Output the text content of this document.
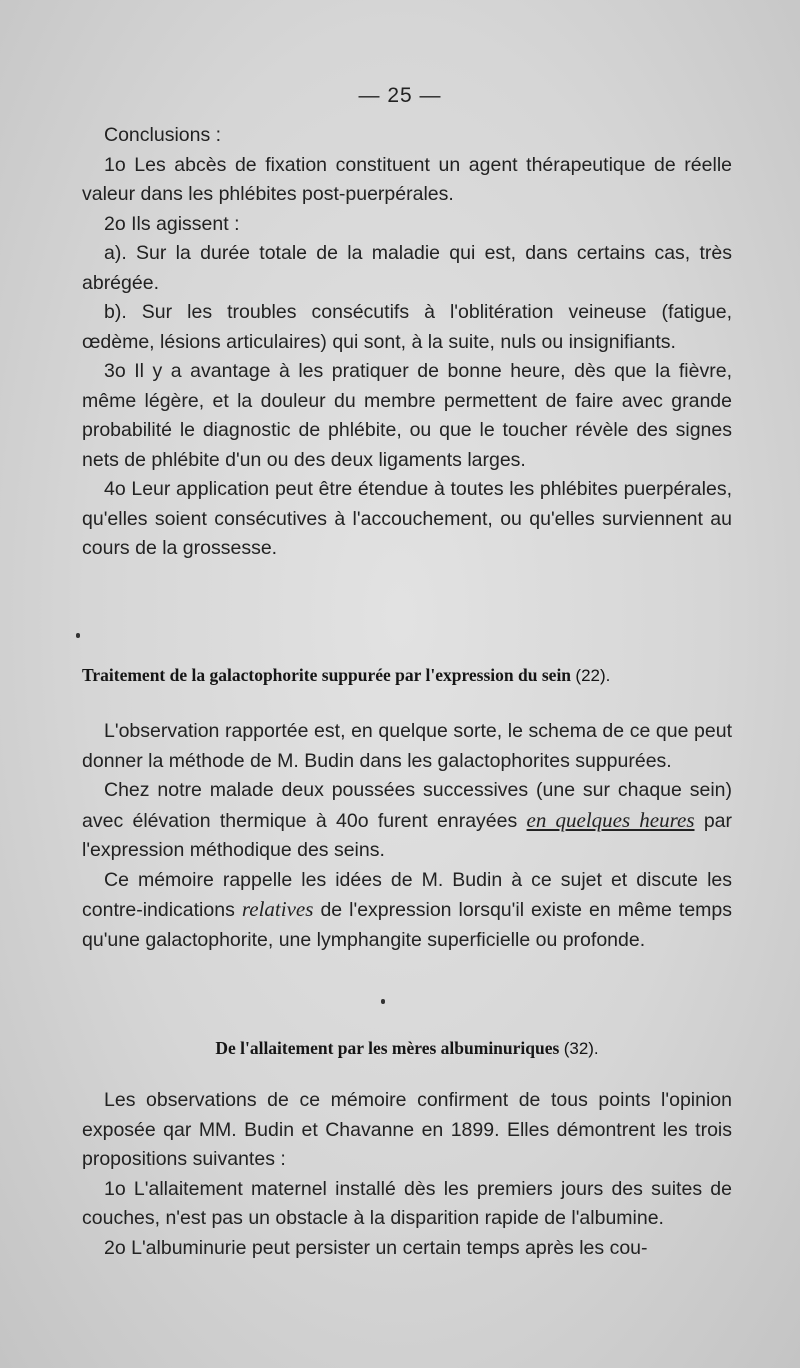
— 25 —

Conclusions :

1o Les abcès de fixation constituent un agent thérapeutique de réelle valeur dans les phlébites post-puerpérales.

2o Ils agissent :

a). Sur la durée totale de la maladie qui est, dans certains cas, très abrégée.

b). Sur les troubles consécutifs à l'oblitération veineuse (fatigue, œdème, lésions articulaires) qui sont, à la suite, nuls ou insignifiants.

3o Il y a avantage à les pratiquer de bonne heure, dès que la fièvre, même légère, et la douleur du membre permettent de faire avec grande probabilité le diagnostic de phlébite, ou que le toucher révèle des signes nets de phlébite d'un ou des deux ligaments larges.

4o Leur application peut être étendue à toutes les phlébites puerpérales, qu'elles soient consécutives à l'accouchement, ou qu'elles surviennent au cours de la grossesse.

Traitement de la galactophorite suppurée par l'expression du sein (22).

L'observation rapportée est, en quelque sorte, le schema de ce que peut donner la méthode de M. Budin dans les galactophorites suppurées.

Chez notre malade deux poussées successives (une sur chaque sein) avec élévation thermique à 40o furent enrayées en quelques heures par l'expression méthodique des seins.

Ce mémoire rappelle les idées de M. Budin à ce sujet et discute les contre-indications relatives de l'expression lorsqu'il existe en même temps qu'une galactophorite, une lymphangite superficielle ou profonde.

De l'allaitement par les mères albuminuriques (32).

Les observations de ce mémoire confirment de tous points l'opinion exposée qar MM. Budin et Chavanne en 1899. Elles démontrent les trois propositions suivantes :

1o L'allaitement maternel installé dès les premiers jours des suites de couches, n'est pas un obstacle à la disparition rapide de l'albumine.

2o L'albuminurie peut persister un certain temps après les cou-
